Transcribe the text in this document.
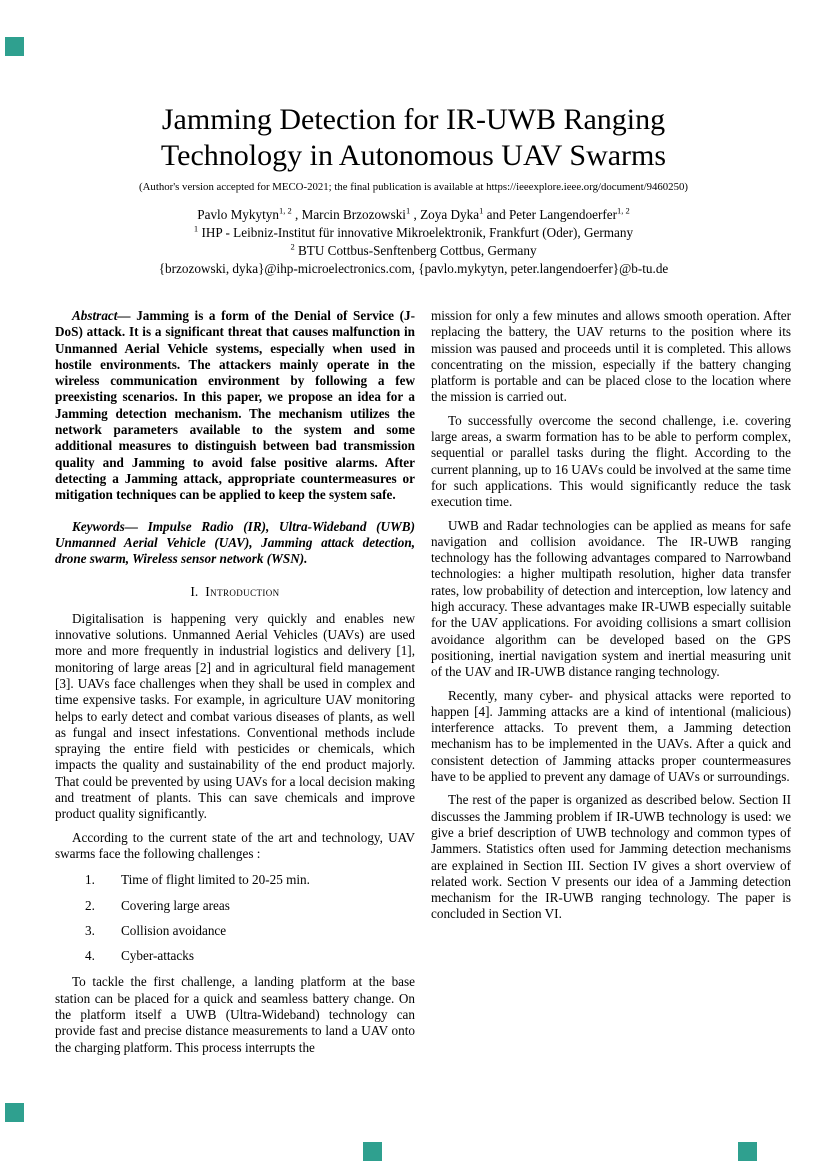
Jamming Detection for IR-UWB Ranging Technology in Autonomous UAV Swarms
(Author's version accepted for MECO-2021; the final publication is available at https://ieeexplore.ieee.org/document/9460250)
Pavlo Mykytyn$^{1, 2}$ , Marcin Brzozowski$^1$ , Zoya Dyka$^1$ and Peter Langendoerfer$^{1, 2}$
$^1$ IHP - Leibniz-Institut für innovative Mikroelektronik, Frankfurt (Oder), Germany
$^2$ BTU Cottbus-Senftenberg Cottbus, Germany
{brzozowski, dyka}@ihp-microelectronics.com, {pavlo.mykytyn, peter.langendoerfer}@b-tu.de

Abstract— Jamming is a form of the Denial of Service (J-DoS) attack. It is a significant threat that causes malfunction in Unmanned Aerial Vehicle systems, especially when used in hostile environments. The attackers mainly operate in the wireless communication environment by following a few preexisting scenarios. In this paper, we propose an idea for a Jamming detection mechanism. The mechanism utilizes the network parameters available to the system and some additional measures to distinguish between bad transmission quality and Jamming to avoid false positive alarms. After detecting a Jamming attack, appropriate countermeasures or mitigation techniques can be applied to keep the system safe.

Keywords— Impulse Radio (IR), Ultra-Wideband (UWB) Unmanned Aerial Vehicle (UAV), Jamming attack detection, drone swarm, Wireless sensor network (WSN).

I. Introduction

Digitalisation is happening very quickly and enables new innovative solutions. Unmanned Aerial Vehicles (UAVs) are used more and more frequently in industrial logistics and delivery [1], monitoring of large areas [2] and in agricultural field management [3]. UAVs face challenges when they shall be used in complex and time expensive tasks. For example, in agriculture UAV monitoring helps to early detect and combat various diseases of plants, as well as fungal and insect infestations. Conventional methods include spraying the entire field with pesticides or chemicals, which impacts the quality and sustainability of the end product majorly. That could be prevented by using UAVs for a local decision making and treatment of plants. This can save chemicals and improve product quality significantly.

According to the current state of the art and technology, UAV swarms face the following challenges :

1.	Time of flight limited to 20-25 min.
2.	Covering large areas
3.	Collision avoidance
4.	Cyber-attacks

To tackle the first challenge, a landing platform at the base station can be placed for a quick and seamless battery change. On the platform itself a UWB (Ultra-Wideband) technology can provide fast and precise distance measurements to land a UAV onto the charging platform. This process interrupts the

mission for only a few minutes and allows smooth operation. After replacing the battery, the UAV returns to the position where its mission was paused and proceeds until it is completed. This allows concentrating on the mission, especially if the battery changing platform is portable and can be placed close to the location where the mission is carried out.

To successfully overcome the second challenge, i.e. covering large areas, a swarm formation has to be able to perform complex, sequential or parallel tasks during the flight. According to the current planning, up to 16 UAVs could be involved at the same time for such applications. This would significantly reduce the task execution time.

UWB and Radar technologies can be applied as means for safe navigation and collision avoidance. The IR-UWB ranging technology has the following advantages compared to Narrowband technologies: a higher multipath resolution, higher data transfer rates, low probability of detection and interception, low latency and high accuracy. These advantages make IR-UWB especially suitable for the UAV applications. For avoiding collisions a smart collision avoidance algorithm can be developed based on the GPS positioning, inertial navigation system and inertial measuring unit of the UAV and IR-UWB distance ranging technology.

Recently, many cyber- and physical attacks were reported to happen [4]. Jamming attacks are a kind of intentional (malicious) interference attacks. To prevent them, a Jamming detection mechanism has to be implemented in the UAVs. After a quick and consistent detection of Jamming attacks proper countermeasures have to be applied to prevent any damage of UAVs or surroundings.

The rest of the paper is organized as described below. Section II discusses the Jamming problem if IR-UWB technology is used: we give a brief description of UWB technology and common types of Jammers. Statistics often used for Jamming detection mechanisms are explained in Section III. Section IV gives a short overview of related work. Section V presents our idea of a Jamming detection mechanism for the IR-UWB ranging technology. The paper is concluded in Section VI.
